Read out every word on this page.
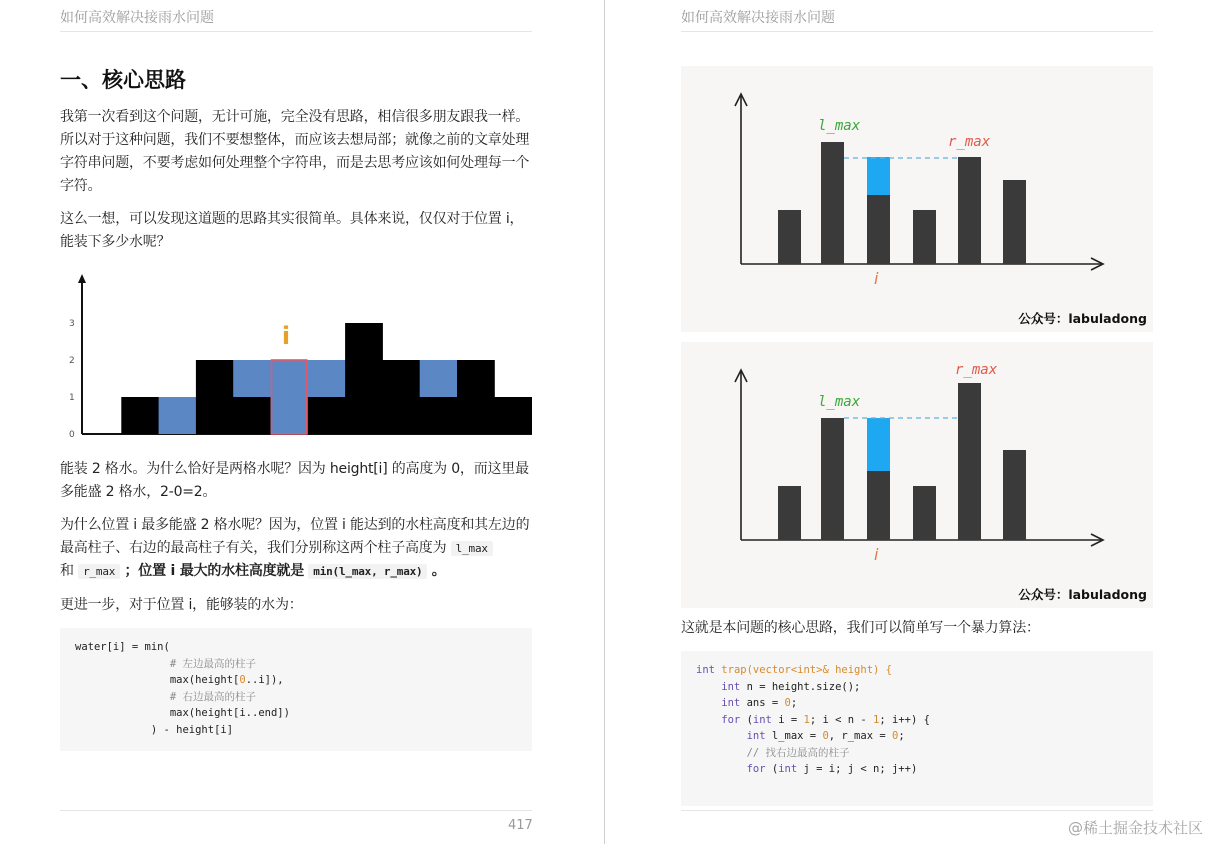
如何高效解决接雨水问题
一、核心思路

我第一次看到这个问题，无计可施，完全没有思路，相信很多朋友跟我一样。所以对于这种问题，我们不要想整体，而应该去想局部；就像之前的文章处理字符串问题，不要考虑如何处理整个字符串，而是去思考应该如何处理每一个字符。

这么一想，可以发现这道题的思路其实很简单。具体来说，仅仅对于位置 i，能装下多少水呢？

0
1
2
3	i

能装 2 格水。为什么恰好是两格水呢？因为 height[i] 的高度为 0，而这里最多能盛 2 格水，2-0=2。

为什么位置 i 最多能盛 2 格水呢？因为，位置 i 能达到的水柱高度和其左边的最高柱子、右边的最高柱子有关，我们分别称这两个柱子高度为 l_max
和 r_max ；位置 i 最大的水柱高度就是 min(l_max, r_max) 。

更进一步，对于位置 i，能够装的水为：

water[i] = min(
# 左边最高的柱子
max(height[0..i]),
# 右边最高的柱子
max(height[i..end])
) - height[i]
417
如何高效解决接雨水问题
l_max
r_max
i
公众号：labuladong
l_max
r_max
i
公众号：labuladong

这就是本问题的核心思路，我们可以简单写一个暴力算法：

int trap(vector<int>& height) {
int n = height.size();
int ans = 0;
for (int i = 1; i < n - 1; i++) {
int l_max = 0, r_max = 0;
// 找右边最高的柱子
for (int j = i; j < n; j++)
@稀土掘金技术社区
